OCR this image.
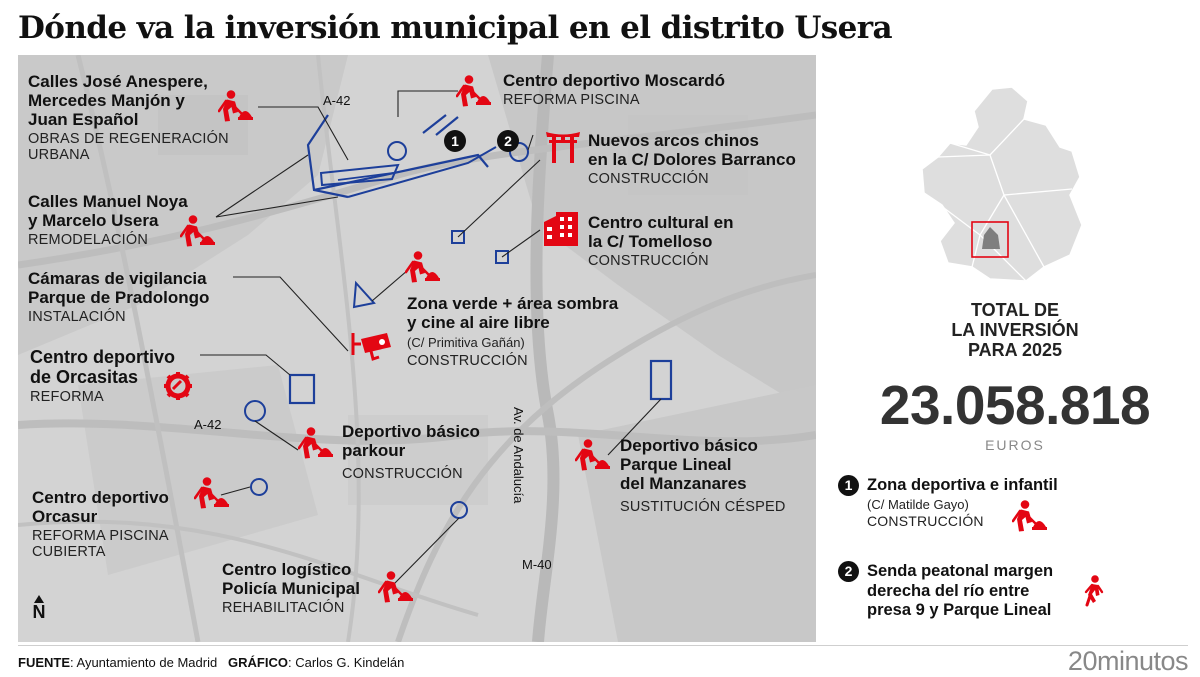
Dónde va la inversión municipal en el distrito Usera
1	2
A-42
A-42	Av. de Andalucía
M-40
N
Calles José Anespere,
Mercedes Manjón y
Juan Español
OBRAS DE REGENERACIÓN
URBANA
Calles Manuel Noya
y Marcelo Usera
REMODELACIÓN
Cámaras de vigilancia
Parque de Pradolongo
INSTALACIÓN
Centro deportivo
de Orcasitas
REFORMA
Centro deportivo
Orcasur
REFORMA PISCINA
CUBIERTA
Centro logístico
Policía Municipal
REHABILITACIÓN
Centro deportivo Moscardó
REFORMA PISCINA
Nuevos arcos chinos
en la C/ Dolores Barranco
CONSTRUCCIÓN
Centro cultural en
la C/ Tomelloso
CONSTRUCCIÓN
Zona verde + área sombra
y cine al aire libre
(C/ Primitiva Gañán)
CONSTRUCCIÓN
Deportivo básico
parkour
CONSTRUCCIÓN
Deportivo básico
Parque Lineal
del Manzanares
SUSTITUCIÓN CÉSPED
TOTAL DE
LA INVERSIÓN
PARA 2025
23.058.818
EUROS
1 Zona deportiva e infantil
(C/ Matilde Gayo)
CONSTRUCCIÓN
2 Senda peatonal margen
derecha del río entre
presa 9 y Parque Lineal
FUENTE: Ayuntamiento de Madrid GRÁFICO: Carlos G. Kindelán	20minutos
